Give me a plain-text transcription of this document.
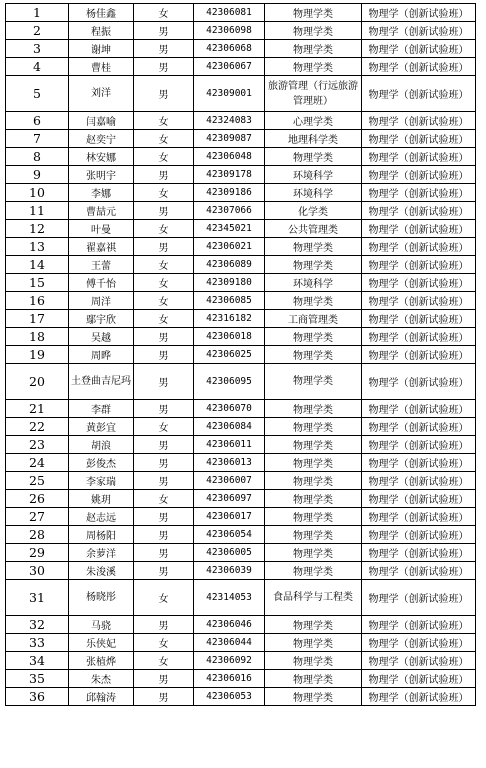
1	杨佳鑫	女	42306081	物理学类	物理学（创新试验班）
2	程振	男	42306098	物理学类	物理学（创新试验班）
3	谢坤	男	42306068	物理学类	物理学（创新试验班）
4	曹桂	男	42306067	物理学类	物理学（创新试验班）
5	刘洋	男	42309001	旅游管理（行远旅游管理班）	物理学（创新试验班）
6	闫嘉喻	女	42324083	心理学类	物理学（创新试验班）
7	赵奕宁	女	42309087	地理科学类	物理学（创新试验班）
8	林安娜	女	42306048	物理学类	物理学（创新试验班）
9	张明宇	男	42309178	环境科学	物理学（创新试验班）
10	李娜	女	42309186	环境科学	物理学（创新试验班）
11	曹喆元	男	42307066	化学类	物理学（创新试验班）
12	叶曼	女	42345021	公共管理类	物理学（创新试验班）
13	翟嘉祺	男	42306021	物理学类	物理学（创新试验班）
14	王蕾	女	42306089	物理学类	物理学（创新试验班）
15	傅千怡	女	42309180	环境科学	物理学（创新试验班）
16	周洋	女	42306085	物理学类	物理学（创新试验班）
17	鄢宇欣	女	42316182	工商管理类	物理学（创新试验班）
18	吴越	男	42306018	物理学类	物理学（创新试验班）
19	周晔	男	42306025	物理学类	物理学（创新试验班）
20	土登曲吉尼玛	男	42306095	物理学类	物理学（创新试验班）
21	李群	男	42306070	物理学类	物理学（创新试验班）
22	黄彭宜	女	42306084	物理学类	物理学（创新试验班）
23	胡浪	男	42306011	物理学类	物理学（创新试验班）
24	彭俊杰	男	42306013	物理学类	物理学（创新试验班）
25	李家瑞	男	42306007	物理学类	物理学（创新试验班）
26	姚玥	女	42306097	物理学类	物理学（创新试验班）
27	赵志远	男	42306017	物理学类	物理学（创新试验班）
28	周杨阳	男	42306054	物理学类	物理学（创新试验班）
29	余萝洋	男	42306005	物理学类	物理学（创新试验班）
30	朱浚溪	男	42306039	物理学类	物理学（创新试验班）
31	杨晓彤	女	42314053	食品科学与工程类	物理学（创新试验班）
32	马骁	男	42306046	物理学类	物理学（创新试验班）
33	乐侠妃	女	42306044	物理学类	物理学（创新试验班）
34	张植烨	女	42306092	物理学类	物理学（创新试验班）
35	朱杰	男	42306016	物理学类	物理学（创新试验班）
36	邱翰涛	男	42306053	物理学类	物理学（创新试验班）
